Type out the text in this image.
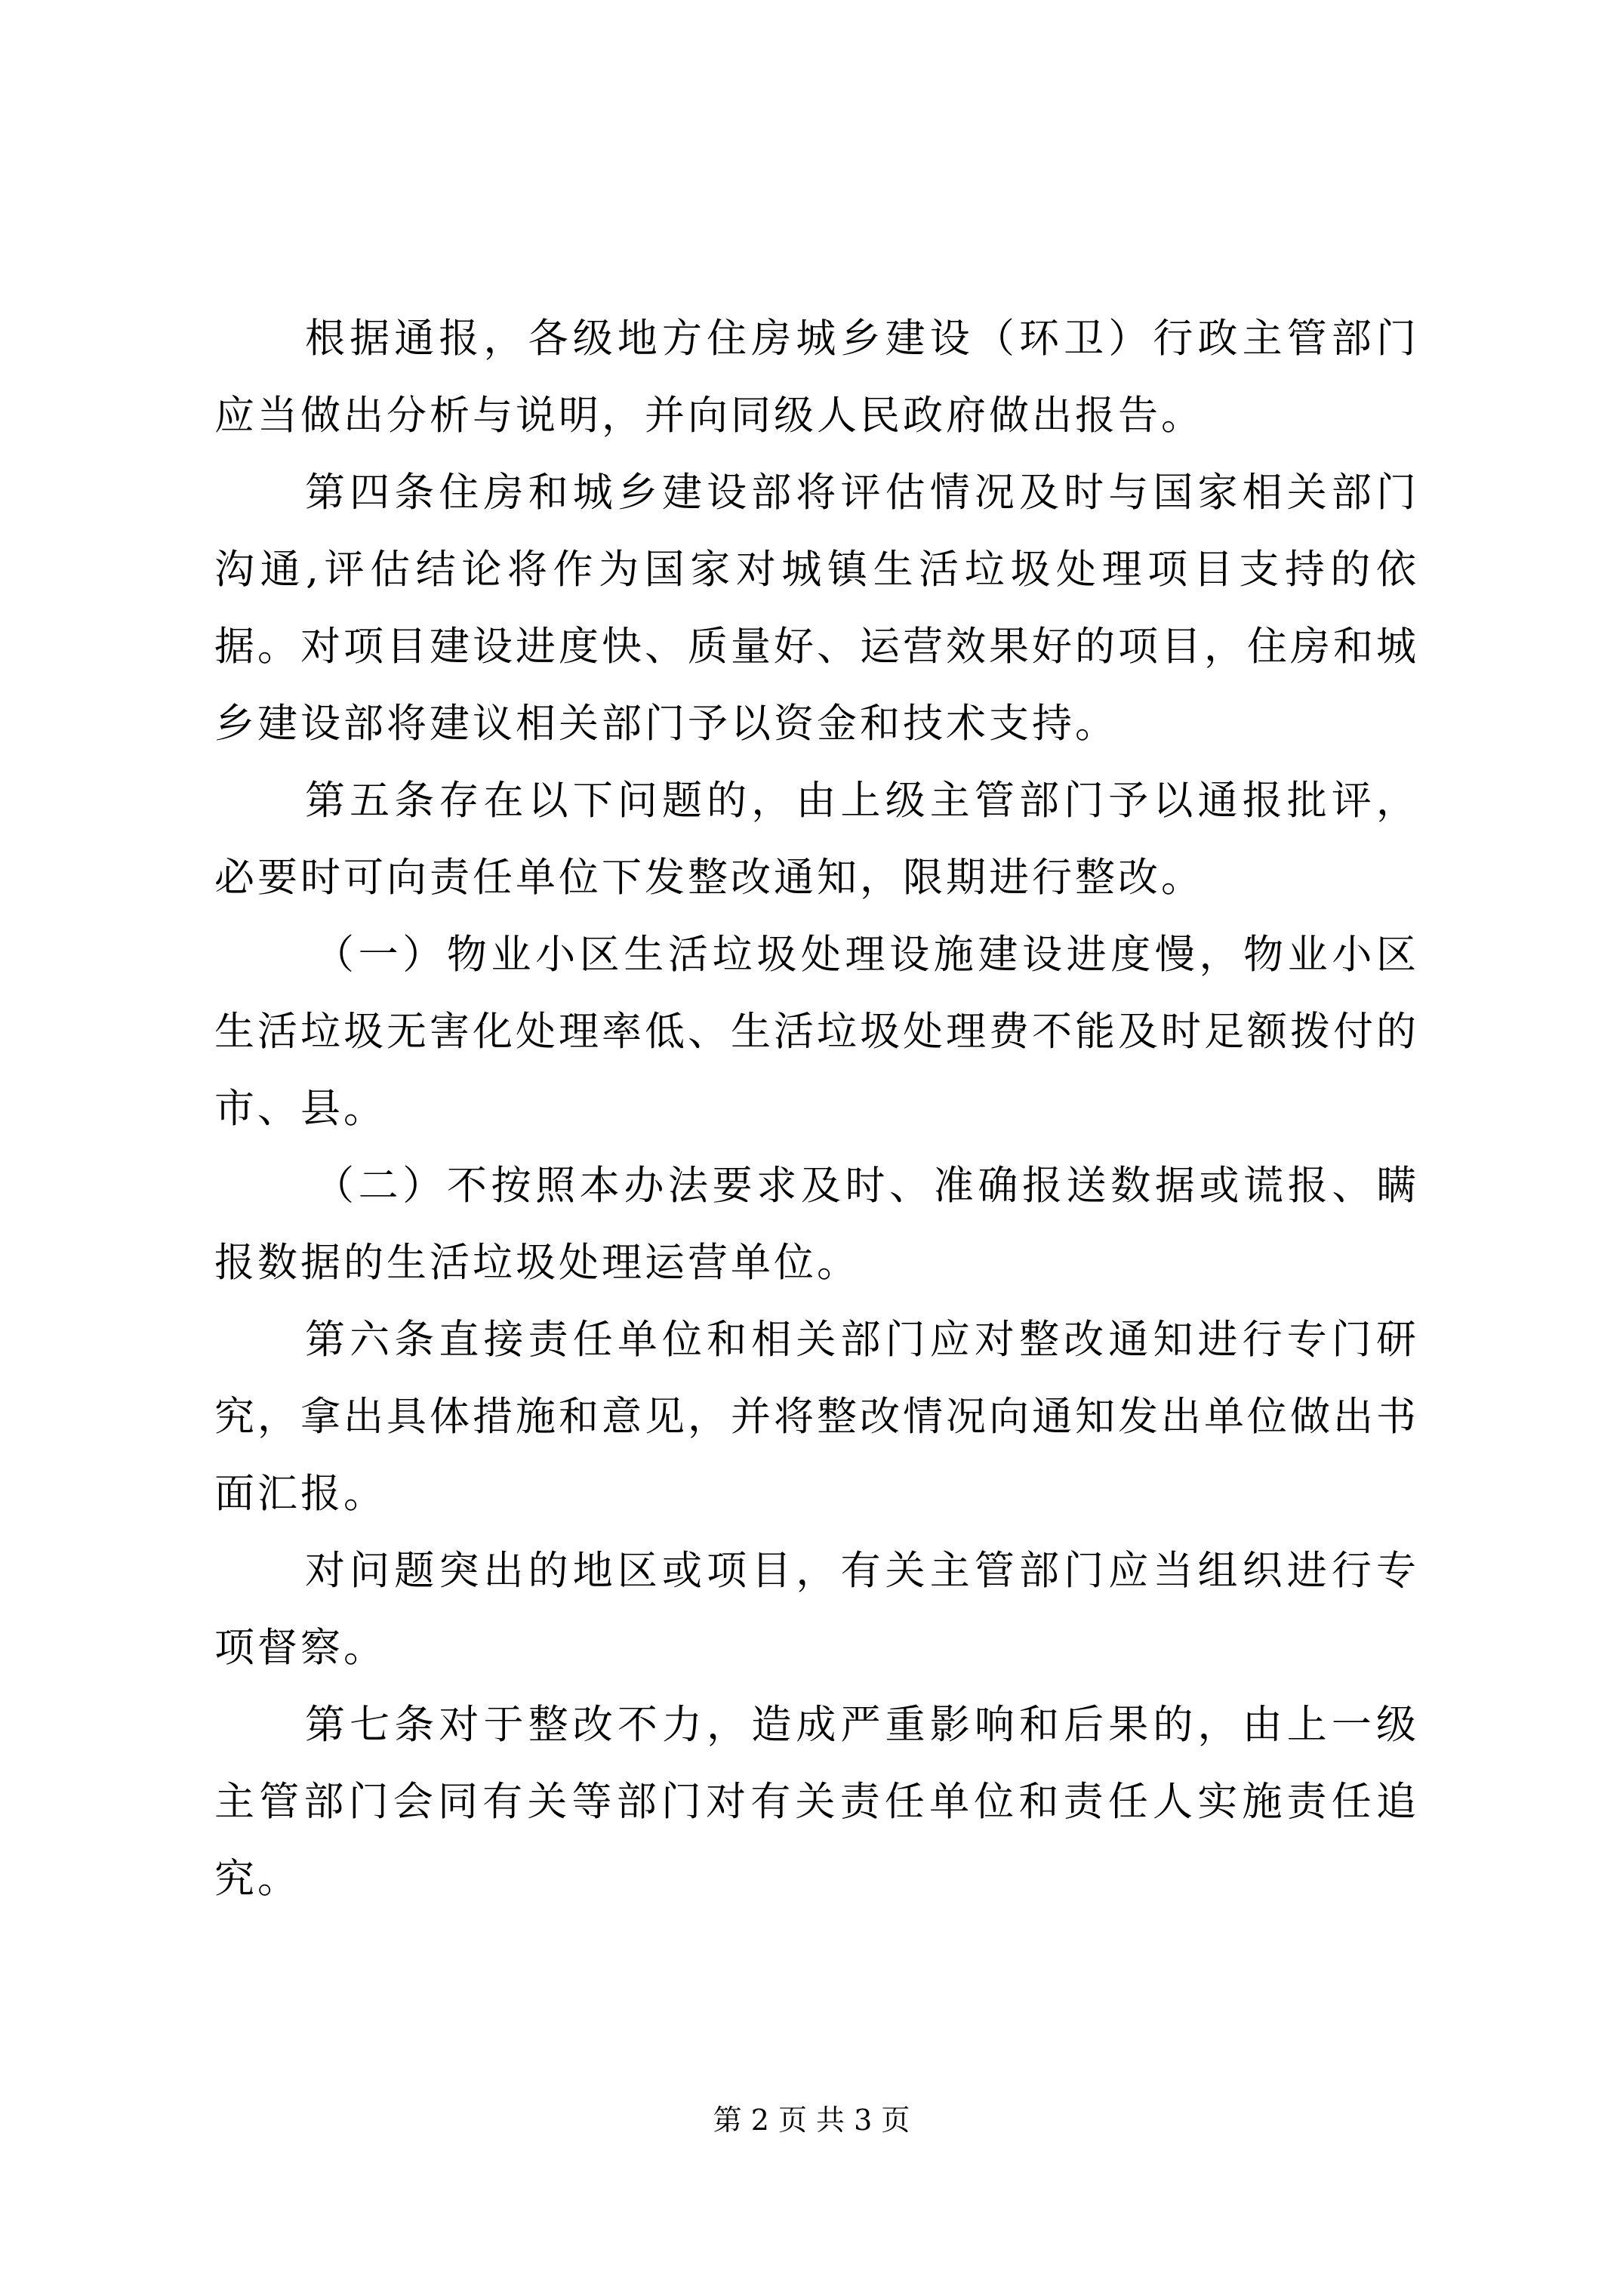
根据通报，各级地方住房城乡建设（环卫）行政主管部门应当做出分析与说明，并向同级人民政府做出报告。

第四条住房和城乡建设部将评估情况及时与国家相关部门沟通,评估结论将作为国家对城镇生活垃圾处理项目支持的依据。对项目建设进度快、质量好、运营效果好的项目，住房和城乡建设部将建议相关部门予以资金和技术支持。

第五条存在以下问题的，由上级主管部门予以通报批评，必要时可向责任单位下发整改通知，限期进行整改。

（一）物业小区生活垃圾处理设施建设进度慢，物业小区生活垃圾无害化处理率低、生活垃圾处理费不能及时足额拨付的市、县。

（二）不按照本办法要求及时、准确报送数据或谎报、瞒报数据的生活垃圾处理运营单位。

第六条直接责任单位和相关部门应对整改通知进行专门研究，拿出具体措施和意见，并将整改情况向通知发出单位做出书面汇报。

对问题突出的地区或项目，有关主管部门应当组织进行专项督察。

第七条对于整改不力，造成严重影响和后果的，由上一级主管部门会同有关等部门对有关责任单位和责任人实施责任追究。

第 2 页 共 3 页
